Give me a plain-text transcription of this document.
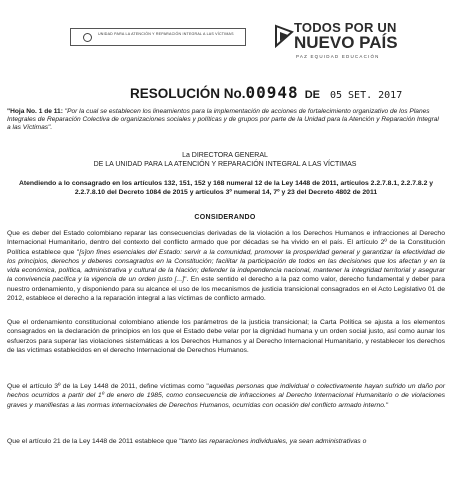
UNIDAD PARA LA ATENCIÓN Y REPARACIÓN INTEGRAL A LAS VÍCTIMAS	TODOS POR UN
NUEVO PAÍS
PAZ EQUIDAD EDUCACIÓN
RESOLUCIÓN No.00948 DE 05 SET. 2017
"Hoja No. 1 de 11: "Por la cual se establecen los lineamientos para la implementación de acciones de fortalecimiento organizativo de los Planes Integrales de Reparación Colectiva de organizaciones sociales y políticas y de grupos por parte de la Unidad para la Atención y Reparación Integral a las Víctimas".
La DIRECTORA GENERAL
DE LA UNIDAD PARA LA ATENCIÓN Y REPARACIÓN INTEGRAL A LAS VÍCTIMAS
Atendiendo a lo consagrado en los artículos 132, 151, 152 y 168 numeral 12 de la Ley 1448 de 2011, artículos 2.2.7.8.1, 2.2.7.8.2 y 2.2.7.8.10 del Decreto 1084 de 2015 y artículos 3º numeral 14, 7º y 23 del Decreto 4802 de 2011
CONSIDERANDO
Que es deber del Estado colombiano reparar las consecuencias derivadas de la violación a los Derechos Humanos e infracciones al Derecho Internacional Humanitario, dentro del contexto del conflicto armado que por décadas se ha vivido en el país. El artículo 2º de la Constitución Política establece que "[s]on fines esenciales del Estado: servir a la comunidad, promover la prosperidad general y garantizar la efectividad de los principios, derechos y deberes consagrados en la Constitución; facilitar la participación de todos en las decisiones que los afectan y en la vida económica, política, administrativa y cultural de la Nación; defender la independencia nacional, mantener la integridad territorial y asegurar la convivencia pacífica y la vigencia de un orden justo [...]". En este sentido el derecho a la paz como valor, derecho fundamental y deber para nuestro ordenamiento, y disponiendo para su alcance el uso de los mecanismos de justicia transicional consagrados en el Acto Legislativo 01 de 2012, establece el derecho a la reparación integral a las víctimas de conflicto armado.
Que el ordenamiento constitucional colombiano atiende los parámetros de la justicia transicional; la Carta Política se ajusta a los elementos consagrados en la declaración de principios en los que el Estado debe velar por la dignidad humana y un orden social justo, así como aunar los esfuerzos para superar las violaciones sistemáticas a los Derechos Humanos y al Derecho Internacional Humanitario, y restablecer los derechos de las víctimas establecidos en el derecho Internacional de Derechos Humanos.
Que el artículo 3º de la Ley 1448 de 2011, define víctimas como "aquellas personas que individual o colectivamente hayan sufrido un daño por hechos ocurridos a partir del 1º de enero de 1985, como consecuencia de infracciones al Derecho Internacional Humanitario o de violaciones graves y manifiestas a las normas internacionales de Derechos Humanos, ocurridas con ocasión del conflicto armado interno."
Que el artículo 21 de la Ley 1448 de 2011 establece que "tanto las reparaciones individuales, ya sean administrativas o
